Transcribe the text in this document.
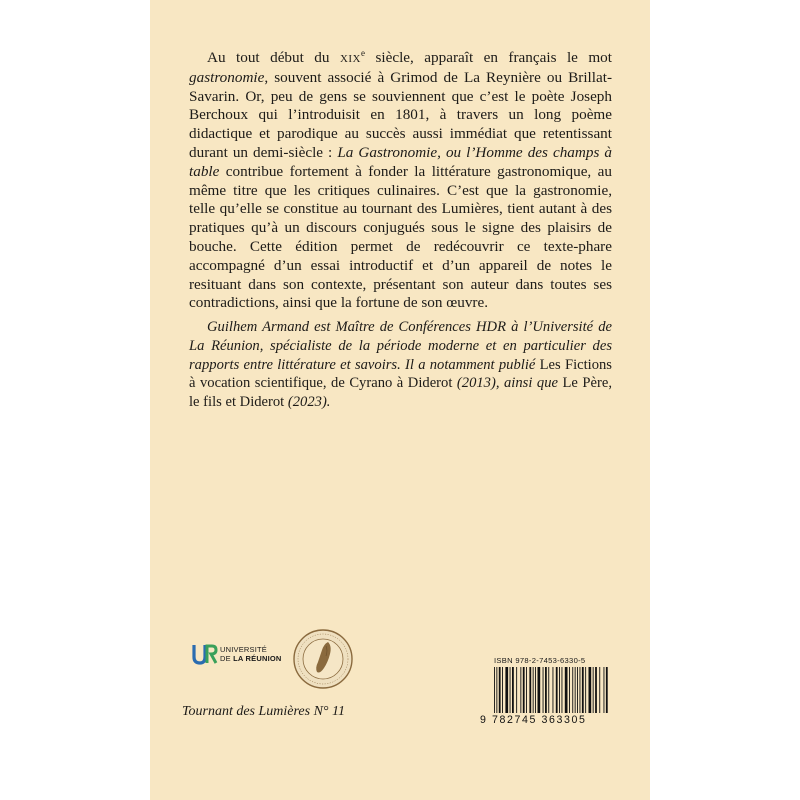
Au tout début du XIXe siècle, apparaît en français le mot gastronomie, souvent associé à Grimod de La Reynière ou Brillat-Savarin. Or, peu de gens se souviennent que c’est le poète Joseph Berchoux qui l’introduisit en 1801, à travers un long poème didactique et parodique au succès aussi immédiat que retentissant durant un demi-siècle : La Gastronomie, ou l’Homme des champs à table contribue fortement à fonder la littérature gastronomique, au même titre que les critiques culinaires. C’est que la gastronomie, telle qu’elle se constitue au tournant des Lumières, tient autant à des pratiques qu’à un discours conjugués sous le signe des plaisirs de bouche. Cette édition permet de redécouvrir ce texte-phare accompagné d’un essai introductif et d’un appareil de notes le resituant dans son contexte, présentant son auteur dans toutes ses contradictions, ainsi que la fortune de son œuvre.

Guilhem Armand est Maître de Conférences HDR à l’Université de La Réunion, spécialiste de la période moderne et en particulier des rapports entre littérature et savoirs. Il a notamment publié Les Fictions à vocation scientifique, de Cyrano à Diderot (2013), ainsi que Le Père, le fils et Diderot (2023).

UNIVERSITÉ
DE LA RÉUNION	ISBN 978-2-7453-6330-5
9 782745 363305
Tournant des Lumières N° 11
